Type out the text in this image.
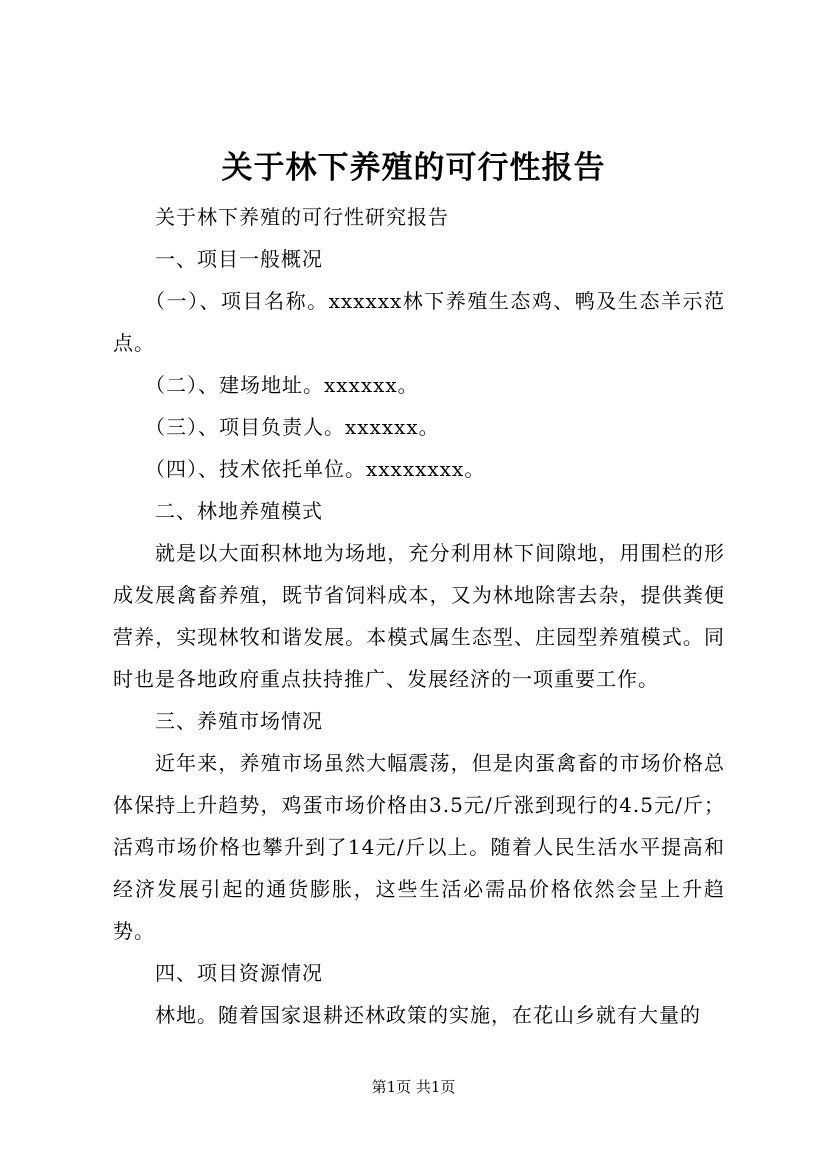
关于林下养殖的可行性报告

关于林下养殖的可行性研究报告

一、项目一般概况

（一）、项目名称。xxxxxx林下养殖生态鸡、鸭及生态羊示范点。

（二）、建场地址。xxxxxx。

（三）、项目负责人。xxxxxx。

（四）、技术依托单位。xxxxxxxx。

二、林地养殖模式

就是以大面积林地为场地，充分利用林下间隙地，用围栏的形成发展禽畜养殖，既节省饲料成本，又为林地除害去杂，提供粪便营养，实现林牧和谐发展。本模式属生态型、庄园型养殖模式。同时也是各地政府重点扶持推广、发展经济的一项重要工作。

三、养殖市场情况

近年来，养殖市场虽然大幅震荡，但是肉蛋禽畜的市场价格总体保持上升趋势，鸡蛋市场价格由3.5元/斤涨到现行的4.5元/斤；活鸡市场价格也攀升到了14元/斤以上。随着人民生活水平提高和经济发展引起的通货膨胀，这些生活必需品价格依然会呈上升趋势。

四、项目资源情况

林地。随着国家退耕还林政策的实施，在花山乡就有大量的

第1页 共1页
